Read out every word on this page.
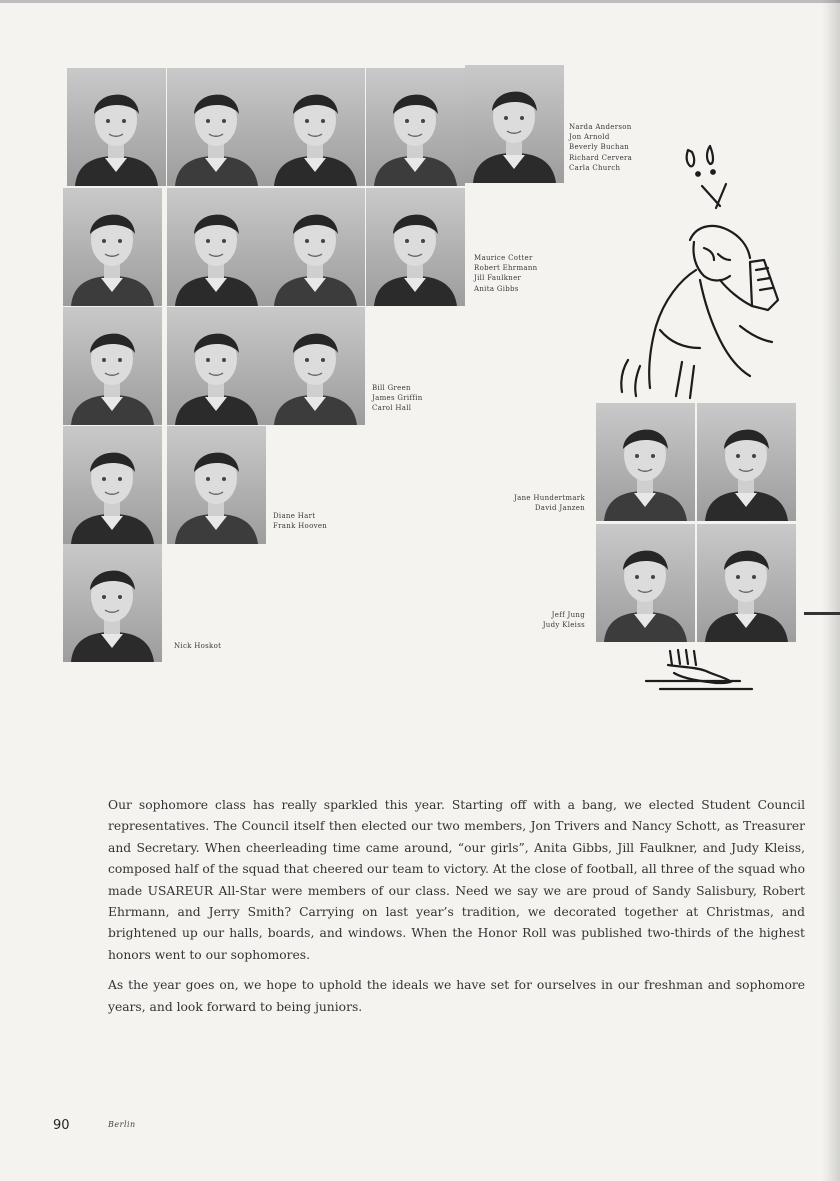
Narda Anderson
Jon Arnold
Beverly Buchan
Richard Cervera
Carla Church
Maurice Cotter
Robert Ehrmann
Jill Faulkner
Anita Gibbs
Bill Green
James Griffin
Carol Hall
Diane Hart
Frank Hooven
Nick Hoskot
Jane Hundertmark
David Janzen
Jeff Jung
Judy Kleiss

Our sophomore class has really sparkled this year. Starting off with a bang, we elected Student Council representatives. The Council itself then elected our two members, Jon Trivers and Nancy Schott, as Treasurer and Secretary. When cheerleading time came around, “our girls”, Anita Gibbs, Jill Faulkner, and Judy Kleiss, composed half of the squad that cheered our team to victory. At the close of football, all three of the squad who made USAREUR All-Star were members of our class. Need we say we are proud of Sandy Salisbury, Robert Ehrmann, and Jerry Smith? Carrying on last year’s tradition, we decorated together at Christmas, and brightened up our halls, boards, and windows. When the Honor Roll was published two-thirds of the highest honors went to our sophomores.

As the year goes on, we hope to uphold the ideals we have set for ourselves in our freshman and sophomore years, and look forward to being juniors.

90	Berlin
